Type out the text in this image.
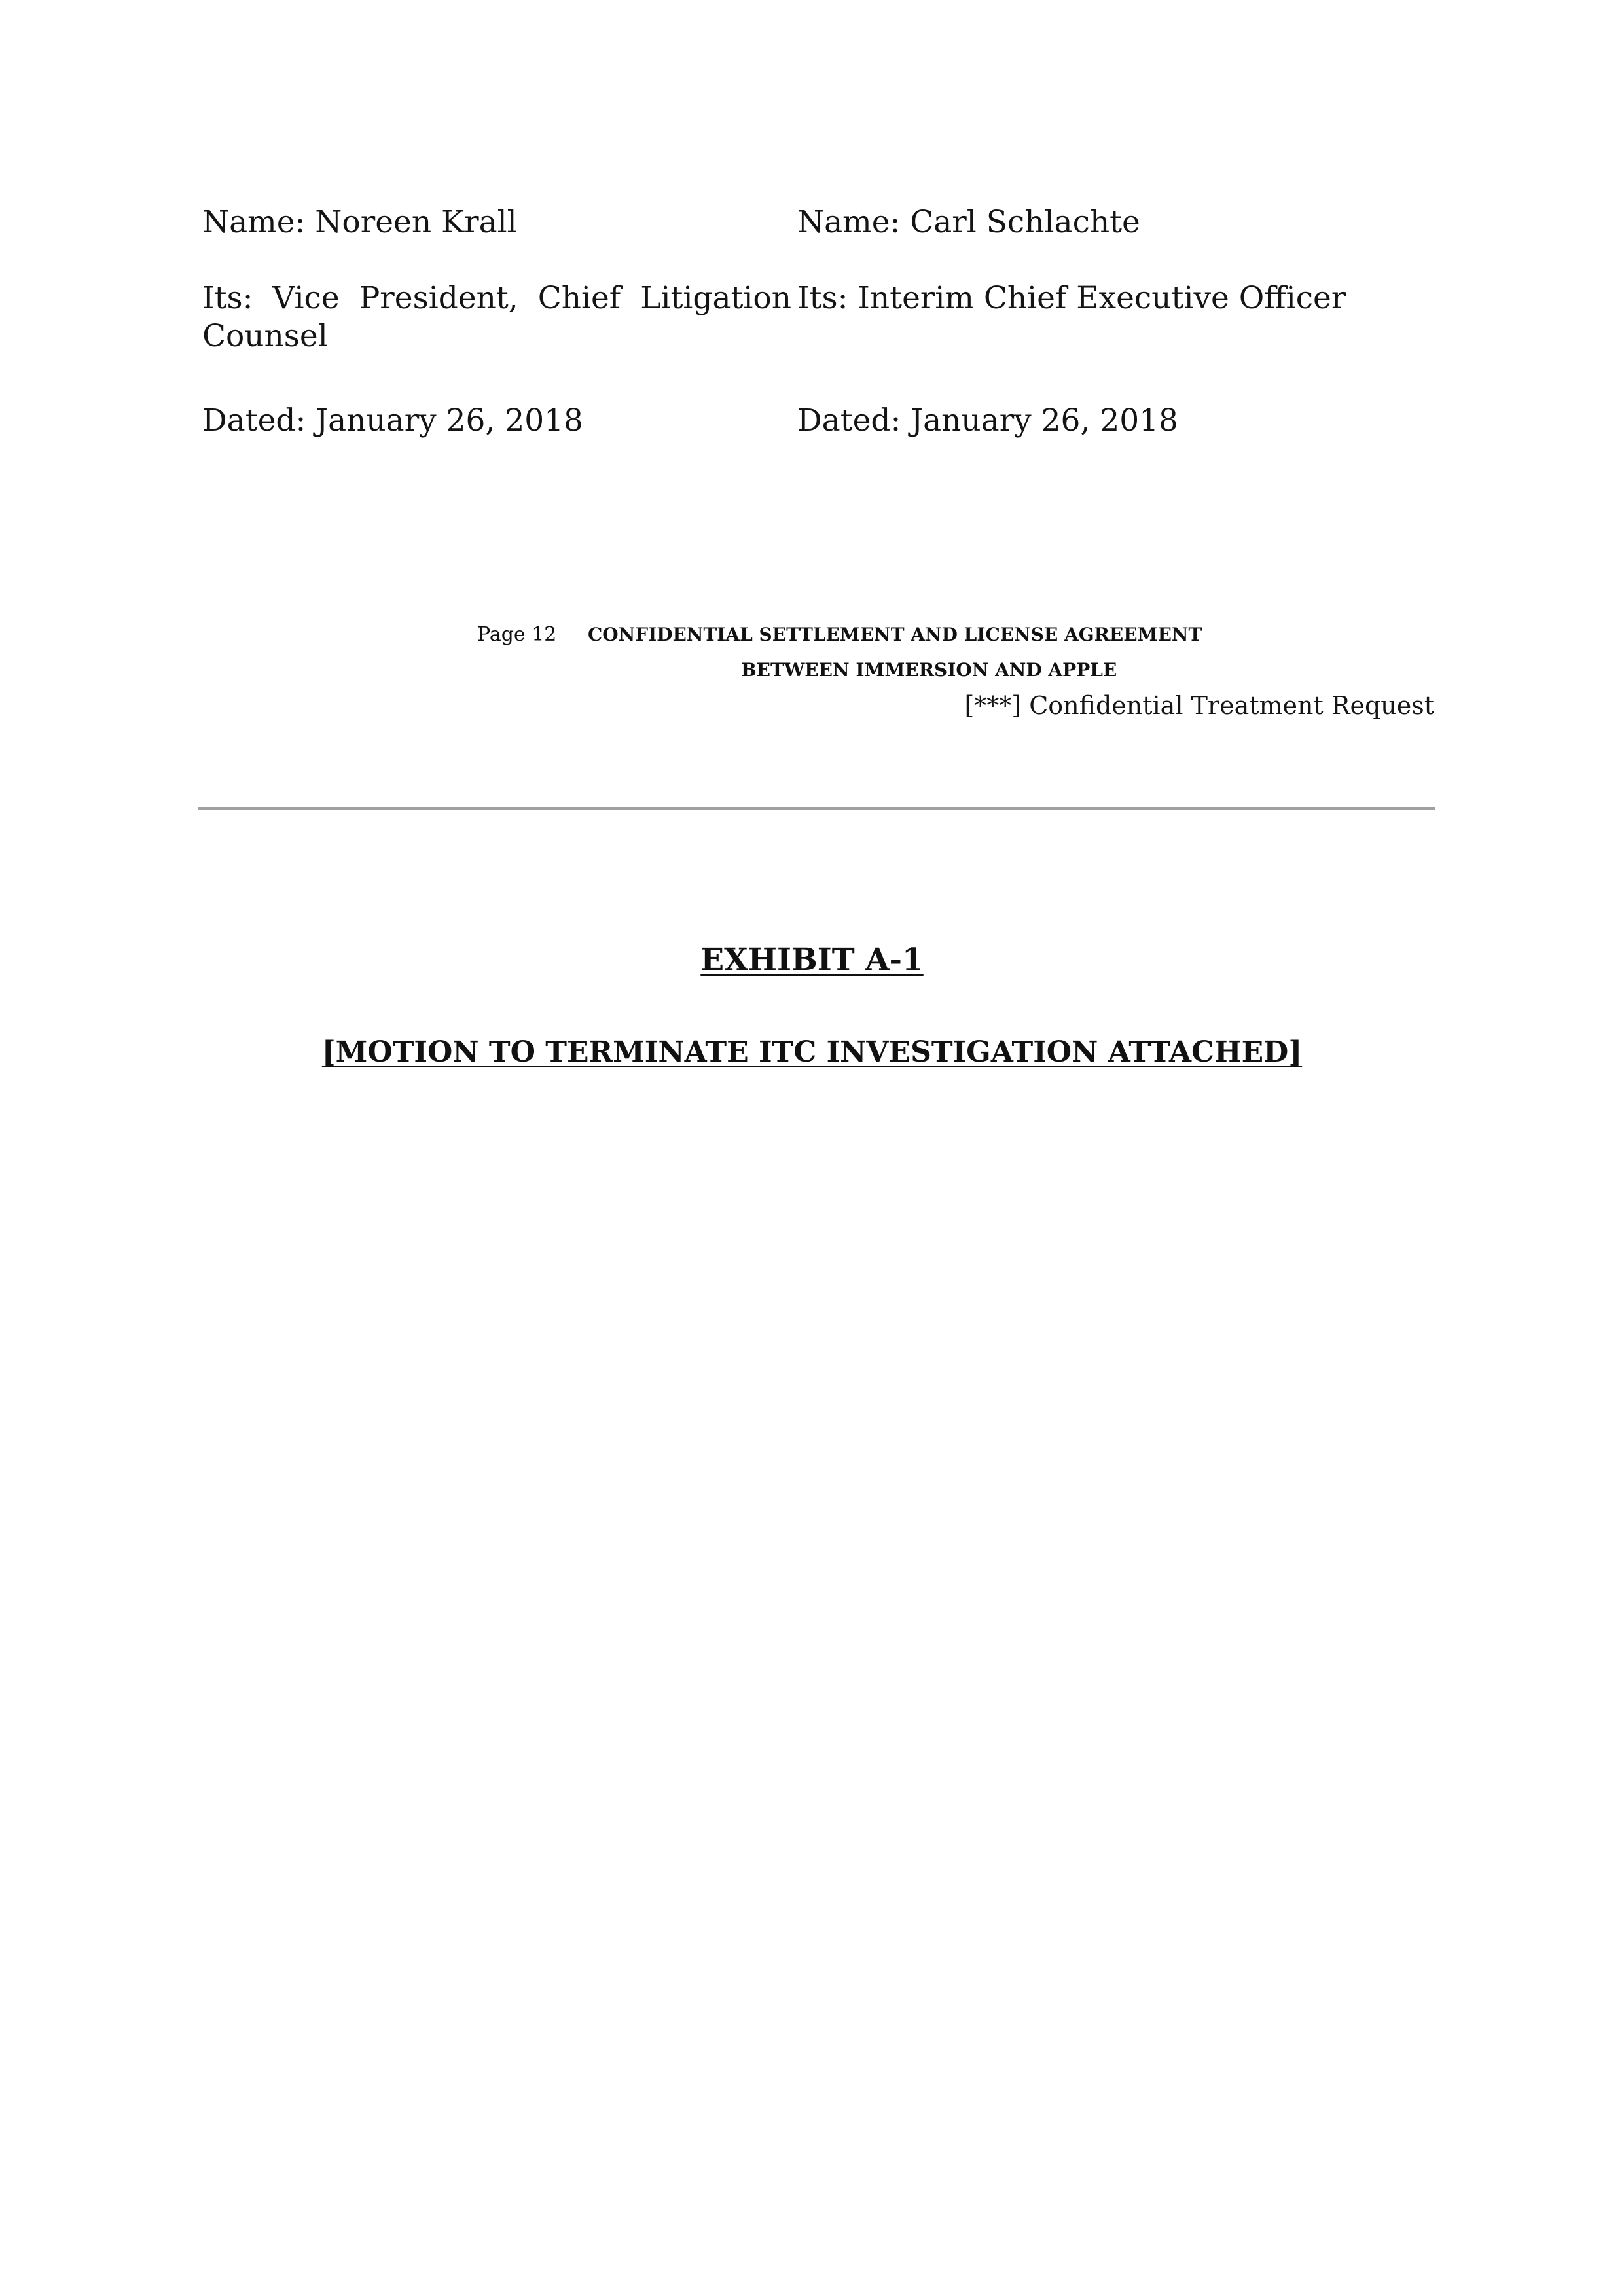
Name: Noreen Krall
Its: Vice President, Chief Litigation
Counsel
Dated: January 26, 2018
Name: Carl Schlachte
Its: Interim Chief Executive Officer
Dated: January 26, 2018
Page 12 CONFIDENTIAL SETTLEMENT AND LICENSE AGREEMENT
BETWEEN IMMERSION AND APPLE
[***] Confidential Treatment Request
EXHIBIT A-1
[MOTION TO TERMINATE ITC INVESTIGATION ATTACHED]
